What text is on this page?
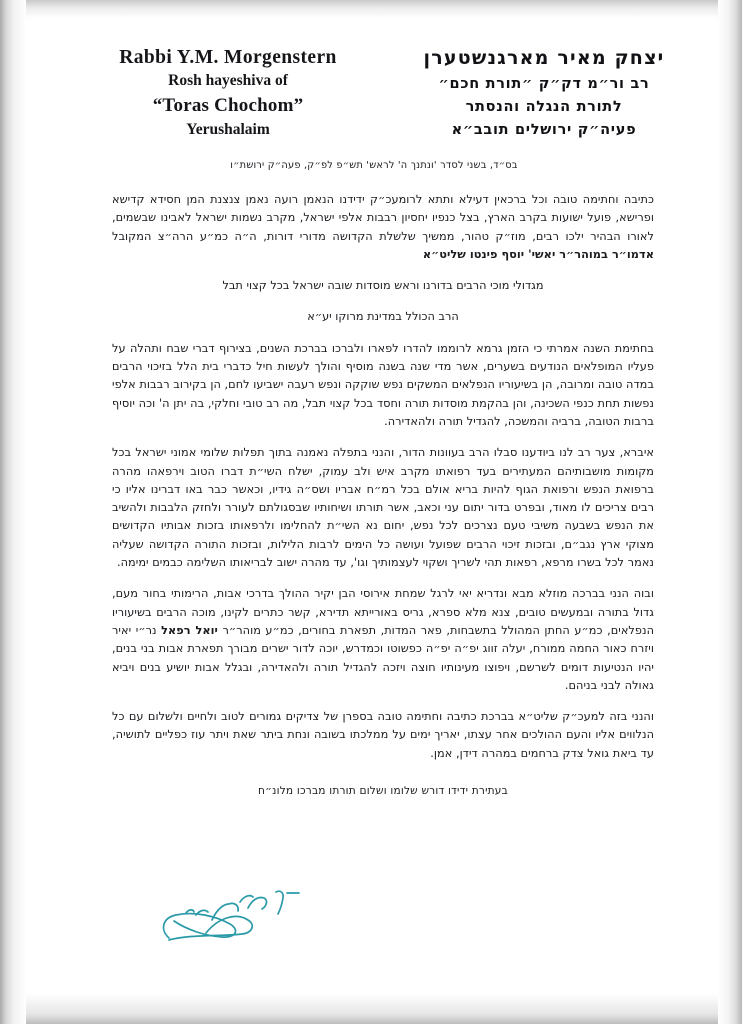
Rabbi Y.M. Morgenstern
Rosh hayeshiva of
“Toras Chochom”
Yerushalaim
יצחק מאיר מארגנשטערן
רב ור״מ דק״ק ״תורת חכם״
לתורת הנגלה והנסתר
פעיה״ק ירושלים תובב״א
בס״ד, בשני לסדר 'ונתנך ה' לראש' תש״פ לפ״ק, פעה״ק ירושת״ו

כתיבה וחתימה טובה וכל ברכאין דעילא ותתא לרומעכ״ק ידידנו הנאמן רועה נאמן צנצנת המן חסידא קדישא ופרישא, פועל ישועות בקרב הארץ, בצל כנפיו יחסיון רבבות אלפי ישראל, מקרב נשמות ישראל לאבינו שבשמים, לאורו הבהיר ילכו רבים, מוז״ק טהור, ממשיך שלשלת הקדושה מדורי דורות, ה״ה כמ״ע הרה״צ המקובל אדמו״ר במוהר״ר יאשי' יוסף פינטו שליט״א

מגדולי מוכי הרבים בדורנו וראש מוסדות שובה ישראל בכל קצוי תבל
הרב הכולל במדינת מרוקו יע״א

בחתימת השנה אמרתי כי הזמן גרמא לרוממו להדרו לפארו ולברכו בברכת השנים, בצירוף דברי שבח ותהלה על פעליו המופלאים הנודעים בשערים, אשר מדי שנה בשנה מוסיף והולך לעשות חיל כדברי בית הלל בזיכוי הרבים במדה טובה ומרובה, הן בשיעוריו הנפלאים המשקים נפש שוקקה ונפש רעבה ישביעו לחם, הן בקירוב רבבות אלפי נפשות תחת כנפי השכינה, והן בהקמת מוסדות תורה וחסד בכל קצוי תבל, מה רב טובי וחלקי, בה יתן ה' וכה יוסיף ברבות הטובה, ברביה והמשכה, להגדיל תורה ולהאדירה.

איברא, צער רב לנו ביודענו סבלו הרב בעוונות הדור, והנני בתפלה נאמנה בתוך תפלות שלומי אמוני ישראל בכל מקומות מושבותיהם המעתירים בעד רפואתו מקרב איש ולב עמוק, ישלח השי״ת דברו הטוב וירפאהו מהרה ברפואת הנפש ורפואת הגוף להיות בריא אולם בכל רמ״ח אבריו ושס״ה גידיו, וכאשר כבר באו דברינו אליו כי רבים צריכים לו מאוד, ובפרט בדור יתום עני וכאב, אשר תורתו ושיחותיו שבסגולתם לעורר ולחזק הלבבות ולהשיב את הנפש בשבעה משיבי טעם נצרכים לכל נפש, יחום נא השי״ת להחלימו ולרפאותו בזכות אבותיו הקדושים מצוקי ארץ נגב״ם, ובזכות זיכוי הרבים שפועל ועושה כל הימים לרבות הלילות, ובזכות התורה הקדושה שעליה נאמר לכל בשרו מרפא, רפאות תהי לשריך ושקוי לעצמותיך וגו', עד מהרה ישוב לבריאותו השלימה כבמים ימימה.

ובוה הנני בברכה מוזלא מבא ונדריא יאי לרגל שמחת אירוסי הבן יקיר ההולך בדרכי אבות, הרימותי בחור מעם, גדול בתורה ובמעשים טובים, צנא מלא ספרא, גריס באורייתא תדירא, קשר כתרים לקינו, מוכה הרבים בשיעוריו הנפלאים, כמ״ע החתן המהולל בתשבחות, פאר המדות, תפארת בחורים, כמ״ע מוהר״ר יואל רפאל נר״י יאיר ויזרח כאור החמה ממורח, יעלה זווג יפ״ה יפ״ה כפשוטו וכמדרש, יוכה לדור ישרים מבורך תפארת אבות בני בנים, יהיו הנטיעות דומים לשרשם, ויפוצו מעינותיו חוצה ויזכה להגדיל תורה ולהאדירה, ובגלל אבות יושיע בנים ויביא גאולה לבני בניהם.

והנני בזה למעכ״ק שליט״א בברכת כתיבה וחתימה טובה בספרן של צדיקים גמורים לטוב ולחיים ולשלום עם כל הנלווים אליו והעם ההולכים אחר עצתו, יאריך ימים על ממלכתו בשובה ונחת ביתר שאת ויתר עוז כפליים לתושיה, עד ביאת גואל צדק ברחמים במהרה דידן, אמן.

בעתירת ידידו דורש שלומו ושלום תורתו מברכו מלונ״ח
